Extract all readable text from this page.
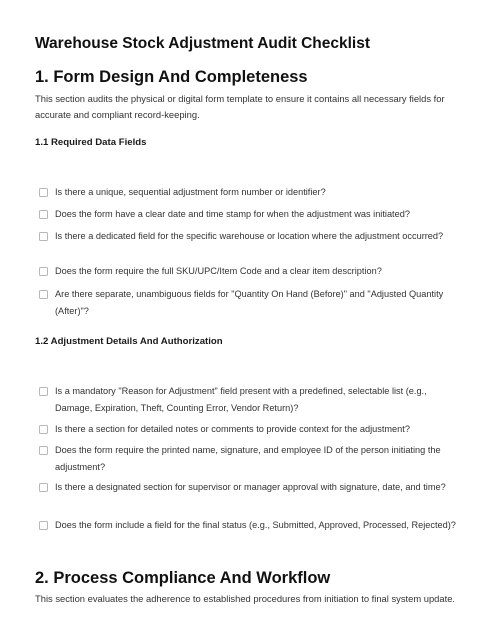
Warehouse Stock Adjustment Audit Checklist
1. Form Design And Completeness
This section audits the physical or digital form template to ensure it contains all necessary fields for accurate and compliant record-keeping.
1.1 Required Data Fields
Is there a unique, sequential adjustment form number or identifier?
Does the form have a clear date and time stamp for when the adjustment was initiated?
Is there a dedicated field for the specific warehouse or location where the adjustment occurred?
Does the form require the full SKU/UPC/Item Code and a clear item description?
Are there separate, unambiguous fields for "Quantity On Hand (Before)" and "Adjusted Quantity (After)"?
1.2 Adjustment Details And Authorization
Is a mandatory "Reason for Adjustment" field present with a predefined, selectable list (e.g., Damage, Expiration, Theft, Counting Error, Vendor Return)?
Is there a section for detailed notes or comments to provide context for the adjustment?
Does the form require the printed name, signature, and employee ID of the person initiating the adjustment?
Is there a designated section for supervisor or manager approval with signature, date, and time?
Does the form include a field for the final status (e.g., Submitted, Approved, Processed, Rejected)?
2. Process Compliance And Workflow
This section evaluates the adherence to established procedures from initiation to final system update.
